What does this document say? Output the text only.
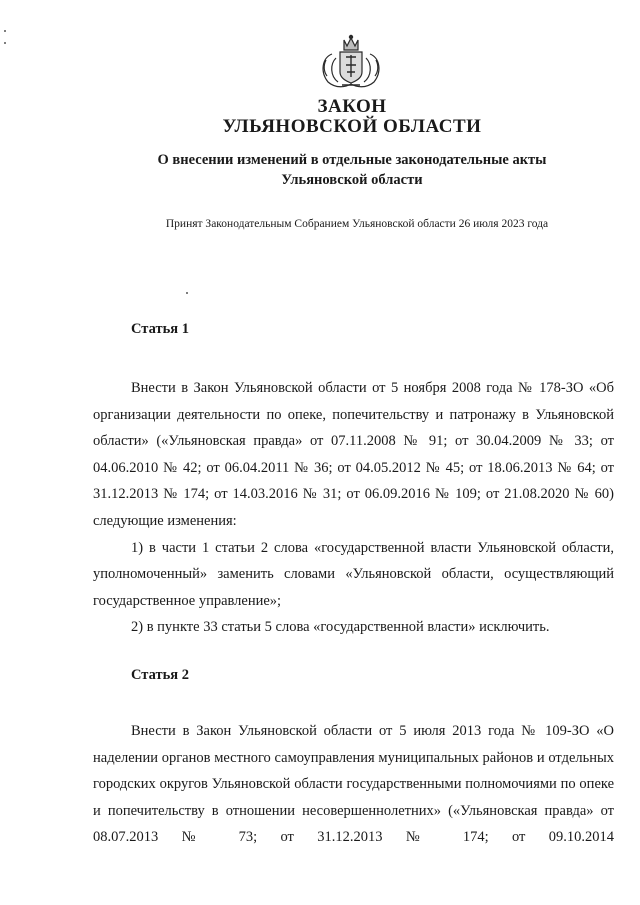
ЗАКОН
УЛЬЯНОВСКОЙ ОБЛАСТИ
О внесении изменений в отдельные законодательные акты
Ульяновской области
Принят Законодательным Собранием Ульяновской области 26 июля 2023 года
Статья 1

Внести в Закон Ульяновской области от 5 ноября 2008 года № 178-ЗО «Об организации деятельности по опеке, попечительству и патронажу в Ульяновской области» («Ульяновская правда» от 07.11.2008 № 91; от 30.04.2009 № 33; от 04.06.2010 № 42; от 06.04.2011 № 36; от 04.05.2012 № 45; от 18.06.2013 № 64; от 31.12.2013 № 174; от 14.03.2016 № 31; от 06.09.2016 № 109; от 21.08.2020 № 60) следующие изменения:

1) в части 1 статьи 2 слова «государственной власти Ульяновской области, уполномоченный» заменить словами «Ульяновской области, осуществляющий государственное управление»;

2) в пункте 33 статьи 5 слова «государственной власти» исключить.

Статья 2

Внести в Закон Ульяновской области от 5 июля 2013 года № 109-ЗО «О наделении органов местного самоуправления муниципальных районов и отдельных городских округов Ульяновской области государственными полномочиями по опеке и попечительству в отношении несовершеннолетних» («Ульяновская правда» от 08.07.2013 № 73; от 31.12.2013 № 174; от 09.10.2014
